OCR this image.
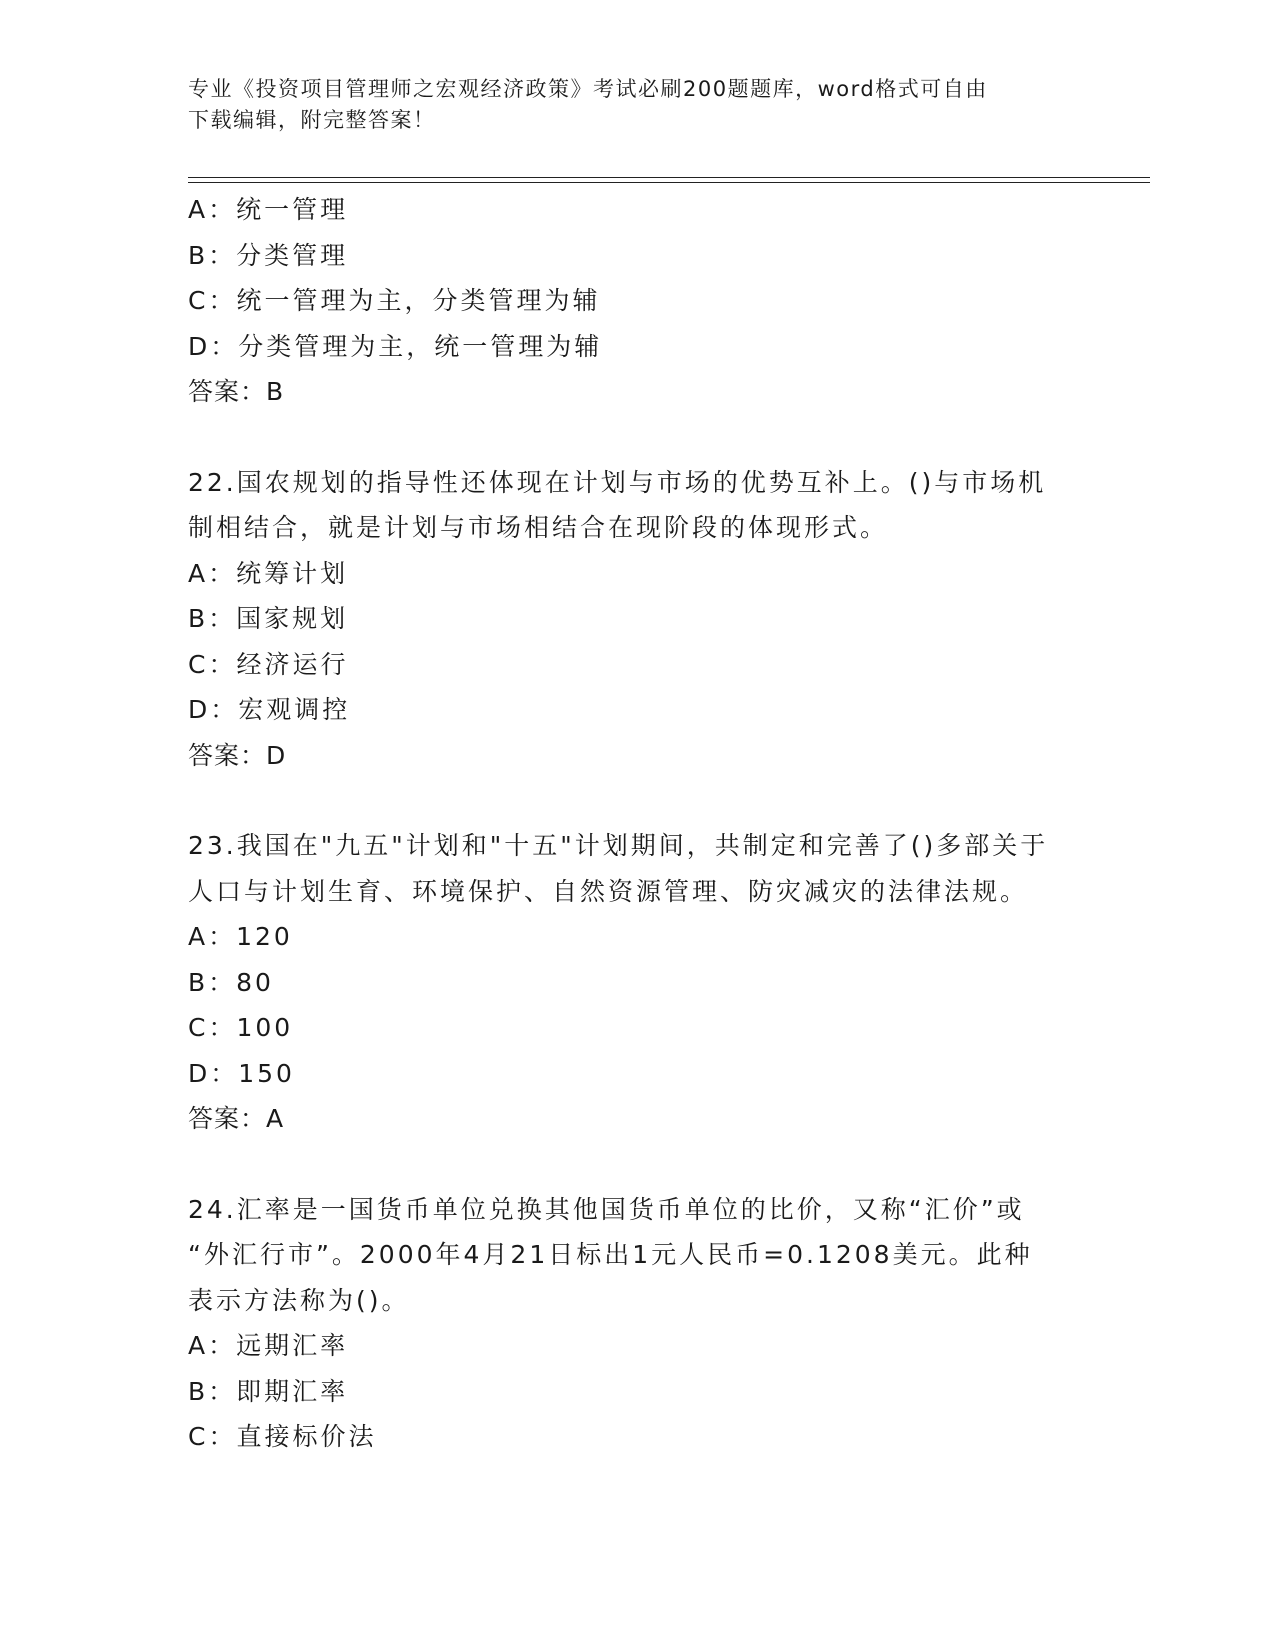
专业《投资项目管理师之宏观经济政策》考试必刷200题题库，word格式可自由
下载编辑，附完整答案！
A：统一管理
B：分类管理
C：统一管理为主，分类管理为辅
D：分类管理为主，统一管理为辅
答案：B
22.国农规划的指导性还体现在计划与市场的优势互补上。()与市场机
制相结合，就是计划与市场相结合在现阶段的体现形式。
A：统筹计划
B：国家规划
C：经济运行
D：宏观调控
答案：D
23.我国在"九五"计划和"十五"计划期间，共制定和完善了()多部关于
人口与计划生育、环境保护、自然资源管理、防灾减灾的法律法规。
A：120
B：80
C：100
D：150
答案：A
24.汇率是一国货币单位兑换其他国货币单位的比价，又称“汇价”或
“外汇行市”。2000年4月21日标出1元人民币=0.1208美元。此种
表示方法称为()。
A：远期汇率
B：即期汇率
C：直接标价法
